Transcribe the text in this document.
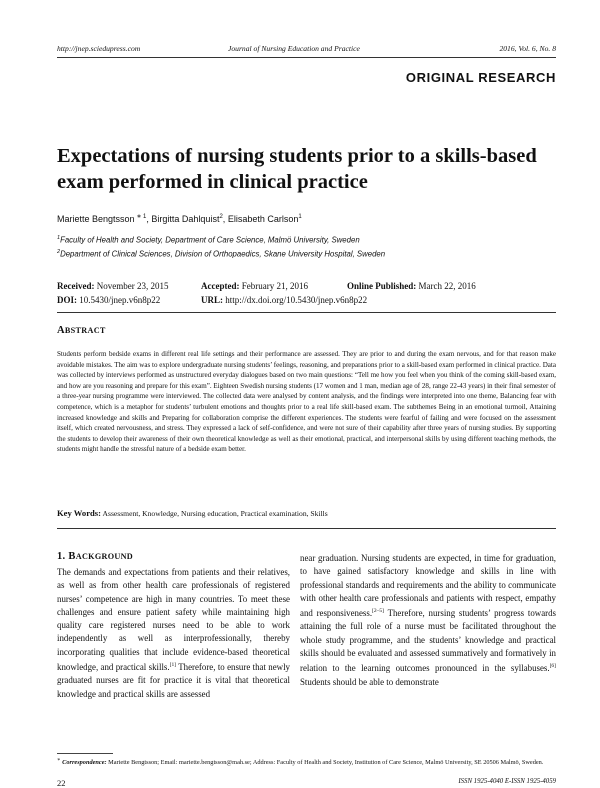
http://jnep.sciedupress.com	Journal of Nursing Education and Practice	2016, Vol. 6, No. 8
ORIGINAL RESEARCH
Expectations of nursing students prior to a skills-based exam performed in clinical practice
Mariette Bengtsson  $^{∗ 1}$, Birgitta Dahlquist$^2$, Elisabeth Carlson$^1$
$^1$Faculty of Health and Society, Department of Care Science, Malmö University, Sweden
$^2$Department of Clinical Sciences, Division of Orthopaedics, Skane University Hospital, Sweden
Received: November 23, 2015	Accepted: February 21, 2016	Online Published: March 22, 2016
DOI: 10.5430/jnep.v6n8p22	URL: http://dx.doi.org/10.5430/jnep.v6n8p22
ABSTRACT
Students perform bedside exams in different real life settings and their performance are assessed. They are prior to and during the exam nervous, and for that reason make avoidable mistakes. The aim was to explore undergraduate nursing students’ feelings, reasoning, and preparations prior to a skill-based exam performed in clinical practice. Data was collected by interviews performed as unstructured everyday dialogues based on two main questions: “Tell me how you feel when you think of the coming skill-based exam, and how are you reasoning and prepare for this exam”. Eighteen Swedish nursing students (17 women and 1 man, median age of 28, range 22-43 years) in their final semester of a three-year nursing programme were interviewed. The collected data were analysed by content analysis, and the findings were interpreted into one theme, Balancing fear with competence, which is a metaphor for students’ turbulent emotions and thoughts prior to a real life skill-based exam. The subthemes Being in an emotional turmoil, Attaining increased knowledge and skills and Preparing for collaboration comprise the different experiences. The students were fearful of failing and were focused on the assessment itself, which created nervousness, and stress. They expressed a lack of self-confidence, and were not sure of their capability after three years of nursing studies. By supporting the students to develop their awareness of their own theoretical knowledge as well as their emotional, practical, and interpersonal skills by using different teaching methods, the students might handle the stressful nature of a bedside exam better.
Key Words: Assessment, Knowledge, Nursing education, Practical examination, Skills
1. BACKGROUND
The demands and expectations from patients and their relatives, as well as from other health care professionals of registered nurses’ competence are high in many countries. To meet these challenges and ensure patient safety while maintaining high quality care registered nurses need to be able to work independently as well as interprofessionally, thereby incorporating qualities that include evidence-based theoretical knowledge, and practical skills.[1] Therefore, to ensure that newly graduated nurses are fit for practice it is vital that theoretical knowledge and practical skills are assessed
near graduation. Nursing students are expected, in time for graduation, to have gained satisfactory knowledge and skills in line with professional standards and requirements and the ability to communicate with other health care professionals and patients with respect, empathy and responsiveness.[2–5] Therefore, nursing students’ progress towards attaining the full role of a nurse must be facilitated throughout the whole study programme, and the students’ knowledge and practical skills should be evaluated and assessed summatively and formatively in relation to the learning outcomes pronounced in the syllabuses.[6] Students should be able to demonstrate
∗ Correspondence: Mariette Bengtsson; Email: mariette.bengtsson@mah.se; Address: Faculty of Health and Society, Institution of Care Science, Malmö University, SE 20506 Malmö, Sweden.
22	ISSN 1925-4040 E-ISSN 1925-4059
